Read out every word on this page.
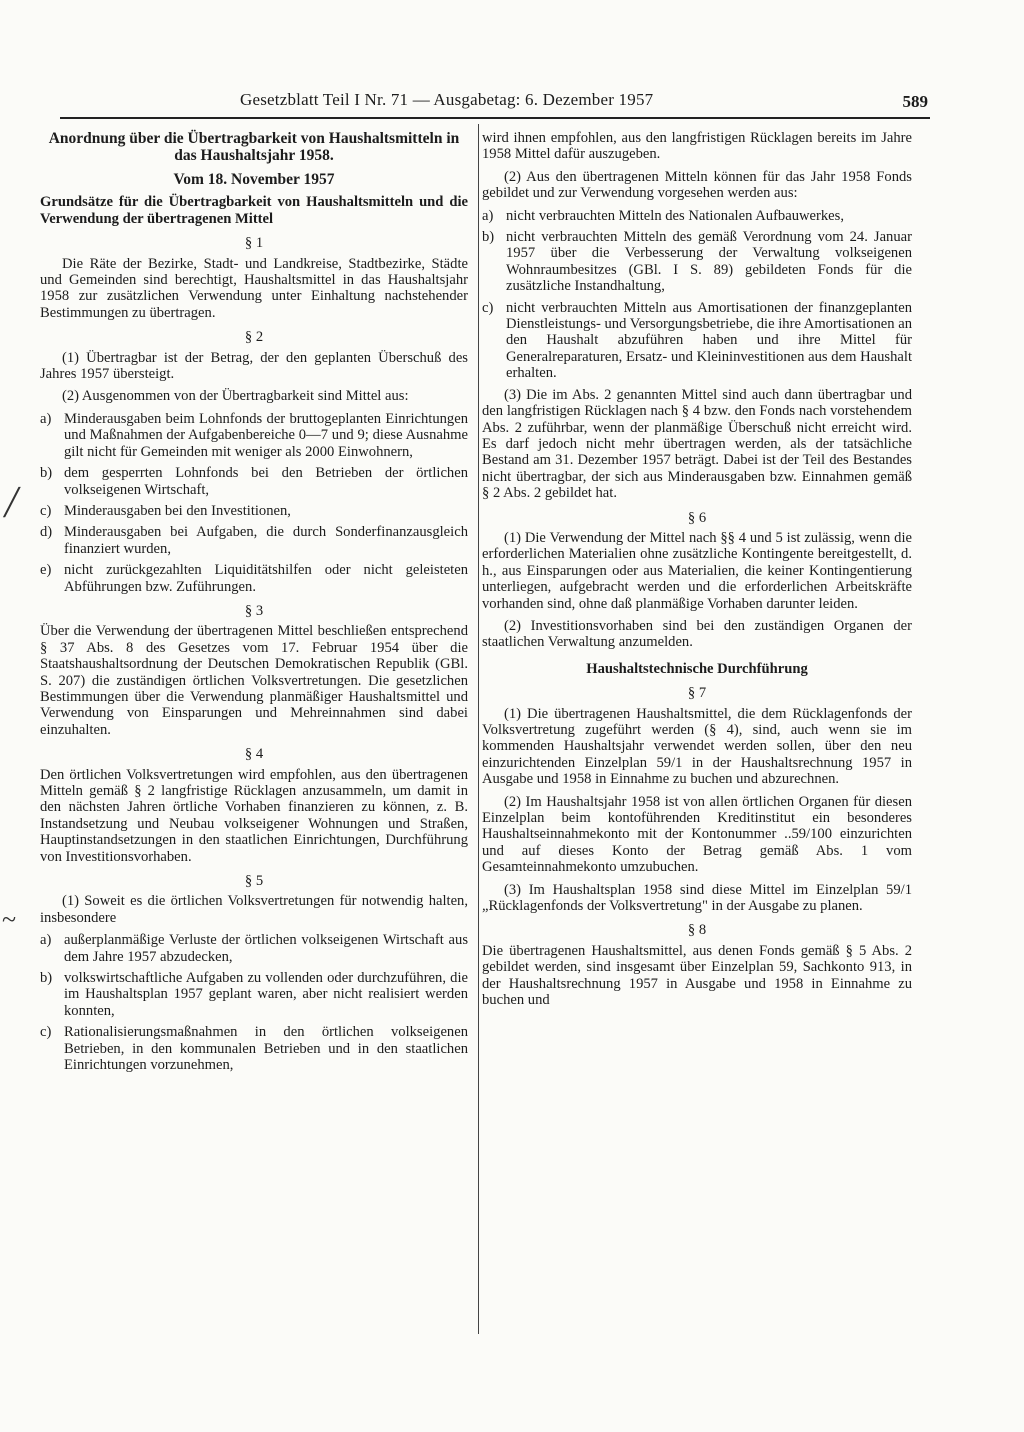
Gesetzblatt Teil I Nr. 71 — Ausgabetag: 6. Dezember 1957	589
╱
~
Anordnung über die Übertragbarkeit von Haushaltsmitteln in das Haushaltsjahr 1958.
Vom 18. November 1957
Grundsätze für die Übertragbarkeit von Haushaltsmitteln und die Verwendung der übertragenen Mittel
§ 1

Die Räte der Bezirke, Stadt- und Landkreise, Stadtbezirke, Städte und Gemeinden sind berechtigt, Haushaltsmittel in das Haushaltsjahr 1958 zur zusätzlichen Verwendung unter Einhaltung nachstehender Bestimmungen zu übertragen.

§ 2

(1) Übertragbar ist der Betrag, der den geplanten Überschuß des Jahres 1957 übersteigt.

(2) Ausgenommen von der Übertragbarkeit sind Mittel aus:

a) Minderausgaben beim Lohnfonds der bruttogeplanten Einrichtungen und Maßnahmen der Aufgabenbereiche 0—7 und 9; diese Ausnahme gilt nicht für Gemeinden mit weniger als 2000 Einwohnern,
b) dem gesperrten Lohnfonds bei den Betrieben der örtlichen volkseigenen Wirtschaft,
c) Minderausgaben bei den Investitionen,
d) Minderausgaben bei Aufgaben, die durch Sonderfinanzausgleich finanziert wurden,
e) nicht zurückgezahlten Liquiditätshilfen oder nicht geleisteten Abführungen bzw. Zuführungen.
§ 3

Über die Verwendung der übertragenen Mittel beschließen entsprechend § 37 Abs. 8 des Gesetzes vom 17. Februar 1954 über die Staatshaushaltsordnung der Deutschen Demokratischen Republik (GBl. S. 207) die zuständigen örtlichen Volksvertretungen. Die gesetzlichen Bestimmungen über die Verwendung planmäßiger Haushaltsmittel und Verwendung von Einsparungen und Mehreinnahmen sind dabei einzuhalten.

§ 4

Den örtlichen Volksvertretungen wird empfohlen, aus den übertragenen Mitteln gemäß § 2 langfristige Rücklagen anzusammeln, um damit in den nächsten Jahren örtliche Vorhaben finanzieren zu können, z. B. Instandsetzung und Neubau volkseigener Wohnungen und Straßen, Hauptinstandsetzungen in den staatlichen Einrichtungen, Durchführung von Investitionsvorhaben.

§ 5

(1) Soweit es die örtlichen Volksvertretungen für notwendig halten, insbesondere

a) außerplanmäßige Verluste der örtlichen volkseigenen Wirtschaft aus dem Jahre 1957 abzudecken,
b) volkswirtschaftliche Aufgaben zu vollenden oder durchzuführen, die im Haushaltsplan 1957 geplant waren, aber nicht realisiert werden konnten,
c) Rationalisierungsmaßnahmen in den örtlichen volkseigenen Betrieben, in den kommunalen Betrieben und in den staatlichen Einrichtungen vorzunehmen,

wird ihnen empfohlen, aus den langfristigen Rücklagen bereits im Jahre 1958 Mittel dafür auszugeben.

(2) Aus den übertragenen Mitteln können für das Jahr 1958 Fonds gebildet und zur Verwendung vorgesehen werden aus:

a) nicht verbrauchten Mitteln des Nationalen Aufbauwerkes,
b) nicht verbrauchten Mitteln des gemäß Verordnung vom 24. Januar 1957 über die Verbesserung der Verwaltung volkseigenen Wohnraumbesitzes (GBl. I S. 89) gebildeten Fonds für die zusätzliche Instandhaltung,
c) nicht verbrauchten Mitteln aus Amortisationen der finanzgeplanten Dienstleistungs- und Versorgungsbetriebe, die ihre Amortisationen an den Haushalt abzuführen haben und ihre Mittel für Generalreparaturen, Ersatz- und Kleininvestitionen aus dem Haushalt erhalten.

(3) Die im Abs. 2 genannten Mittel sind auch dann übertragbar und den langfristigen Rücklagen nach § 4 bzw. den Fonds nach vorstehendem Abs. 2 zuführbar, wenn der planmäßige Überschuß nicht erreicht wird. Es darf jedoch nicht mehr übertragen werden, als der tatsächliche Bestand am 31. Dezember 1957 beträgt. Dabei ist der Teil des Bestandes nicht übertragbar, der sich aus Minderausgaben bzw. Einnahmen gemäß § 2 Abs. 2 gebildet hat.

§ 6

(1) Die Verwendung der Mittel nach §§ 4 und 5 ist zulässig, wenn die erforderlichen Materialien ohne zusätzliche Kontingente bereitgestellt, d. h., aus Einsparungen oder aus Materialien, die keiner Kontingentierung unterliegen, aufgebracht werden und die erforderlichen Arbeitskräfte vorhanden sind, ohne daß planmäßige Vorhaben darunter leiden.

(2) Investitionsvorhaben sind bei den zuständigen Organen der staatlichen Verwaltung anzumelden.

Haushaltstechnische Durchführung
§ 7

(1) Die übertragenen Haushaltsmittel, die dem Rücklagenfonds der Volksvertretung zugeführt werden (§ 4), sind, auch wenn sie im kommenden Haushaltsjahr verwendet werden sollen, über den neu einzurichtenden Einzelplan 59/1 in der Haushaltsrechnung 1957 in Ausgabe und 1958 in Einnahme zu buchen und abzurechnen.

(2) Im Haushaltsjahr 1958 ist von allen örtlichen Organen für diesen Einzelplan beim kontoführenden Kreditinstitut ein besonderes Haushaltseinnahmekonto mit der Kontonummer ..59/100 einzurichten und auf dieses Konto der Betrag gemäß Abs. 1 vom Gesamteinnahmekonto umzubuchen.

(3) Im Haushaltsplan 1958 sind diese Mittel im Einzelplan 59/1 „Rücklagenfonds der Volksvertretung" in der Ausgabe zu planen.

§ 8

Die übertragenen Haushaltsmittel, aus denen Fonds gemäß § 5 Abs. 2 gebildet werden, sind insgesamt über Einzelplan 59, Sachkonto 913, in der Haushaltsrechnung 1957 in Ausgabe und 1958 in Einnahme zu buchen und
